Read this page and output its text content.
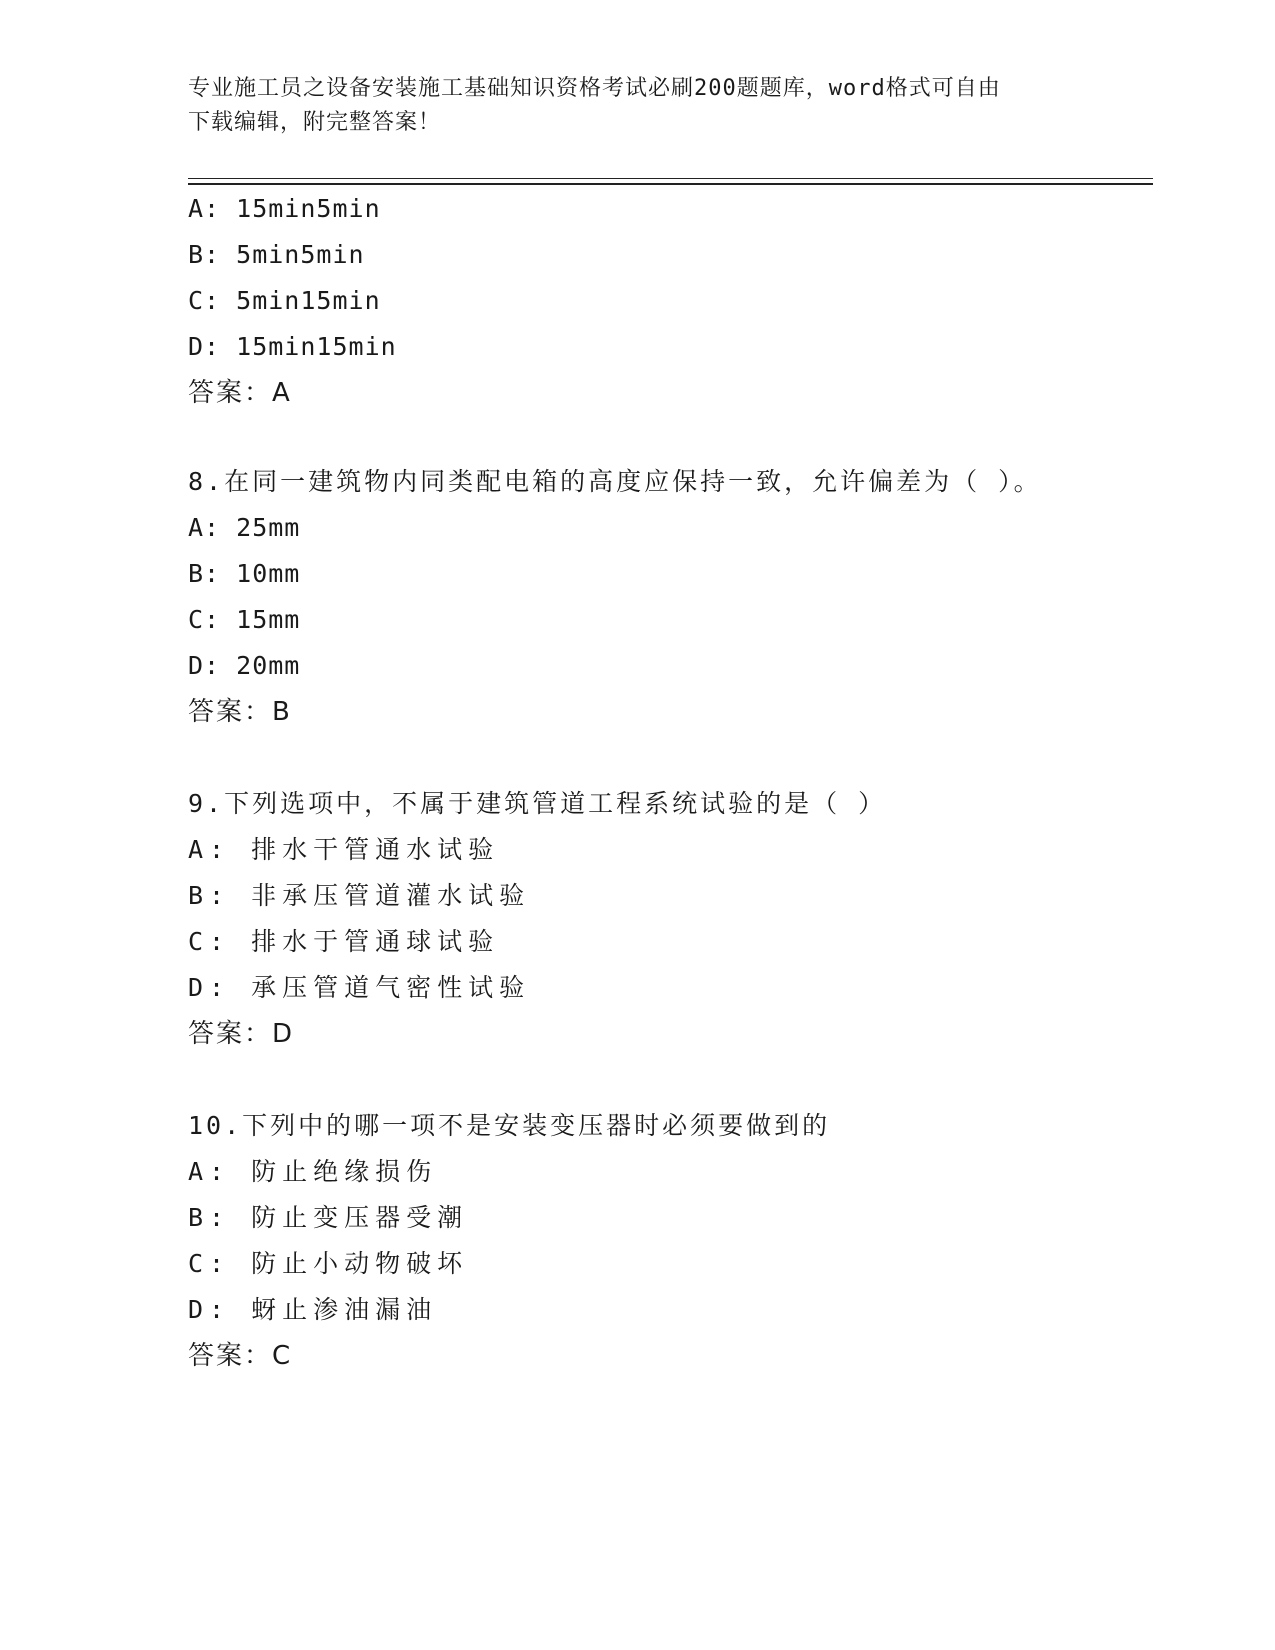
专业施工员之设备安装施工基础知识资格考试必刷200题题库，word格式可自由
下载编辑，附完整答案！
A: 15min5min
B: 5min5min
C: 5min15min
D: 15min15min
答案：A
8.在同一建筑物内同类配电箱的高度应保持一致，允许偏差为（ ）。
A: 25mm
B: 10mm
C: 15mm
D: 20mm
答案：B
9.下列选项中，不属于建筑管道工程系统试验的是（ ）
A: 排水干管通水试验
B: 非承压管道灌水试验
C: 排水于管通球试验
D: 承压管道气密性试验
答案：D
10.下列中的哪一项不是安装变压器时必须要做到的
A: 防止绝缘损伤
B: 防止变压器受潮
C: 防止小动物破坏
D: 蚜止渗油漏油
答案：C
